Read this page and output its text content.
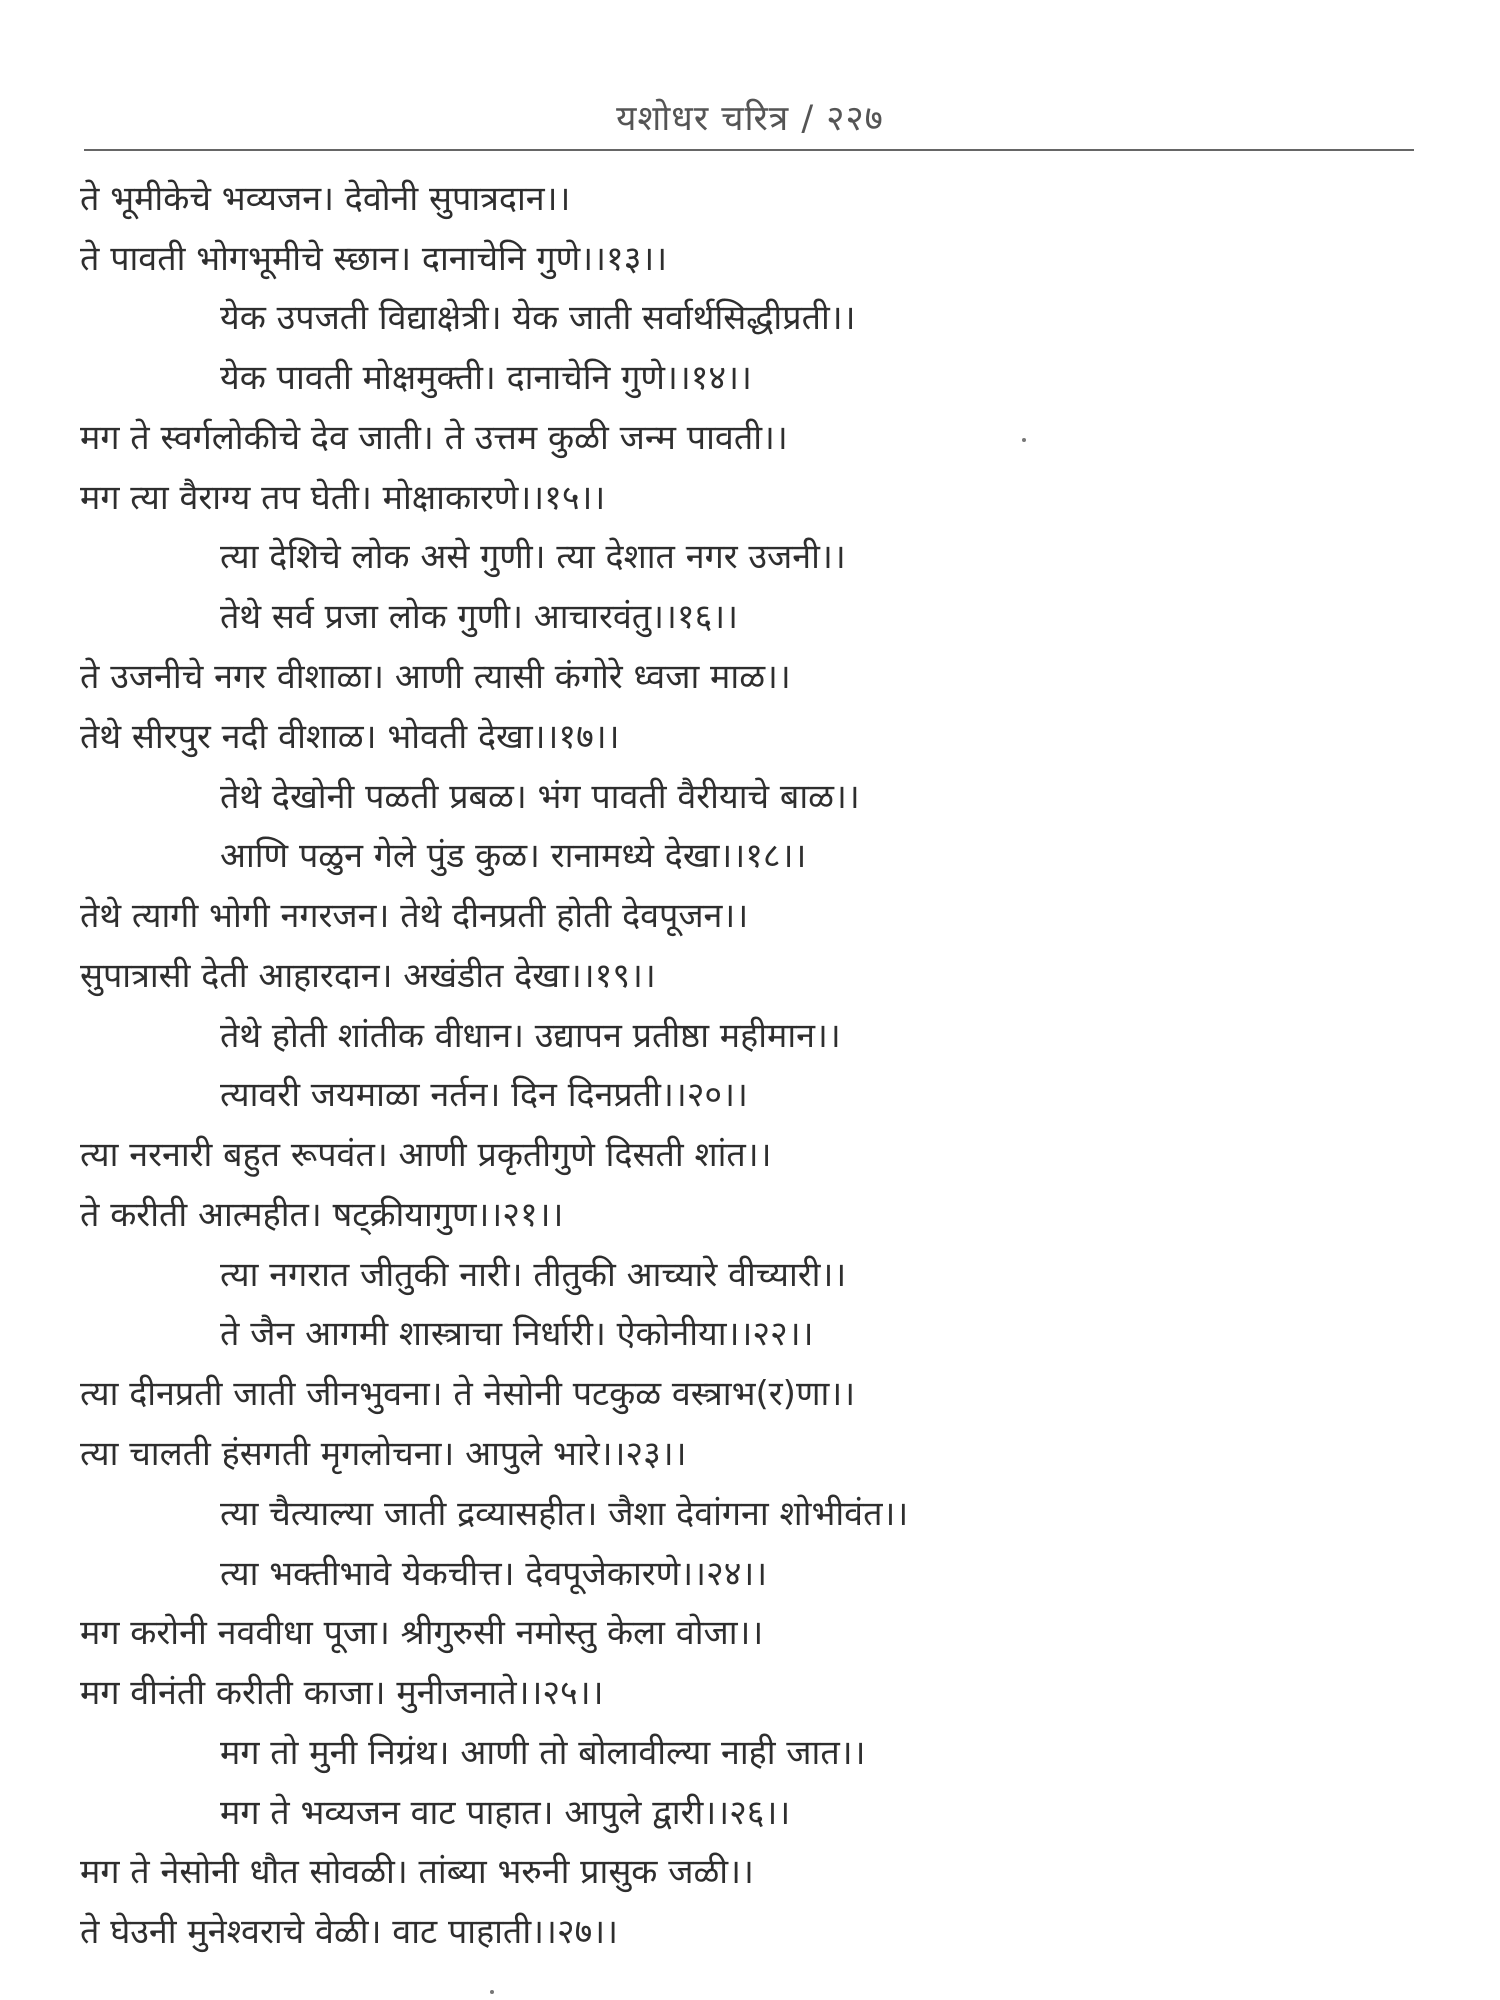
यशोधर चरित्र / २२७
ते भूमीकेचे भव्यजन। देवोनी सुपात्रदान।।
ते पावती भोगभूमीचे स्छान। दानाचेनि गुणे।।१३।।
येक उपजती विद्याक्षेत्री। येक जाती सर्वार्थसिद्धीप्रती।।
येक पावती मोक्षमुक्ती। दानाचेनि गुणे।।१४।।
मग ते स्वर्गलोकीचे देव जाती। ते उत्तम कुळी जन्म पावती।।
मग त्या वैराग्य तप घेती। मोक्षाकारणे।।१५।।
त्या देशिचे लोक असे गुणी। त्या देशात नगर उजनी।।
तेथे सर्व प्रजा लोक गुणी। आचारवंतु।।१६।।
ते उजनीचे नगर वीशाळा। आणी त्यासी कंगोरे ध्वजा माळ।।
तेथे सीरपुर नदी वीशाळ। भोवती देखा।।१७।।
तेथे देखोनी पळती प्रबळ। भंग पावती वैरीयाचे बाळ।।
आणि पळुन गेले पुंड कुळ। रानामध्ये देखा।।१८।।
तेथे त्यागी भोगी नगरजन। तेथे दीनप्रती होती देवपूजन।।
सुपात्रासी देती आहारदान। अखंडीत देखा।।१९।।
तेथे होती शांतीक वीधान। उद्यापन प्रतीष्ठा महीमान।।
त्यावरी जयमाळा नर्तन। दिन दिनप्रती।।२०।।
त्या नरनारी बहुत रूपवंत। आणी प्रकृतीगुणे दिसती शांत।।
ते करीती आत्महीत। षट्क्रीयागुण।।२१।।
त्या नगरात जीतुकी नारी। तीतुकी आच्यारे वीच्यारी।।
ते जैन आगमी शास्त्राचा निर्धारी। ऐकोनीया।।२२।।
त्या दीनप्रती जाती जीनभुवना। ते नेसोनी पटकुळ वस्त्राभ(र)णा।।
त्या चालती हंसगती मृगलोचना। आपुले भारे।।२३।।
त्या चैत्याल्या जाती द्रव्यासहीत। जैशा देवांगना शोभीवंत।।
त्या भक्तीभावे येकचीत्त। देवपूजेकारणे।।२४।।
मग करोनी नववीधा पूजा। श्रीगुरुसी नमोस्तु केला वोजा।।
मग वीनंती करीती काजा। मुनीजनाते।।२५।।
मग तो मुनी निग्रंथ। आणी तो बोलावील्या नाही जात।।
मग ते भव्यजन वाट पाहात। आपुले द्वारी।।२६।।
मग ते नेसोनी धौत सोवळी। तांब्या भरुनी प्रासुक जळी।।
ते घेउनी मुनेश्वराचे वेळी। वाट पाहाती।।२७।।
